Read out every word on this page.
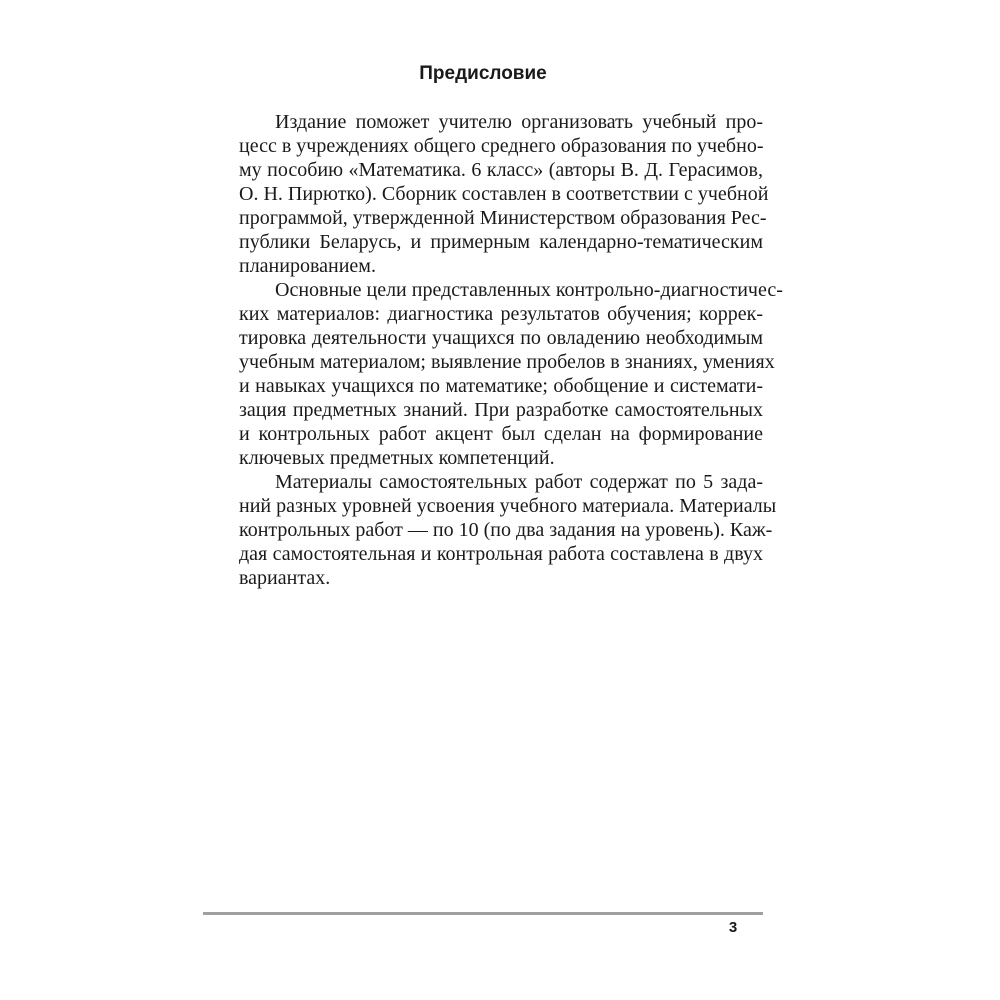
Предисловие
Издание поможет учителю организовать учебный про-
цесс в учреждениях общего среднего образования по учебно-
му пособию «Математика. 6 класс» (авторы В. Д. Герасимов,
О. Н. Пирютко). Сборник составлен в соответствии с учебной
программой, утвержденной Министерством образования Рес-
публики Беларусь, и примерным календарно-тематическим
планированием.
Основные цели представленных контрольно-диагностичес-
ких материалов: диагностика результатов обучения; коррек-
тировка деятельности учащихся по овладению необходимым
учебным материалом; выявление пробелов в знаниях, умениях
и навыках учащихся по математике; обобщение и системати-
зация предметных знаний. При разработке самостоятельных
и контрольных работ акцент был сделан на формирование
ключевых предметных компетенций.
Материалы самостоятельных работ содержат по 5 зада-
ний разных уровней усвоения учебного материала. Материалы
контрольных работ — по 10 (по два задания на уровень). Каж-
дая самостоятельная и контрольная работа составлена в двух
вариантах.
3
